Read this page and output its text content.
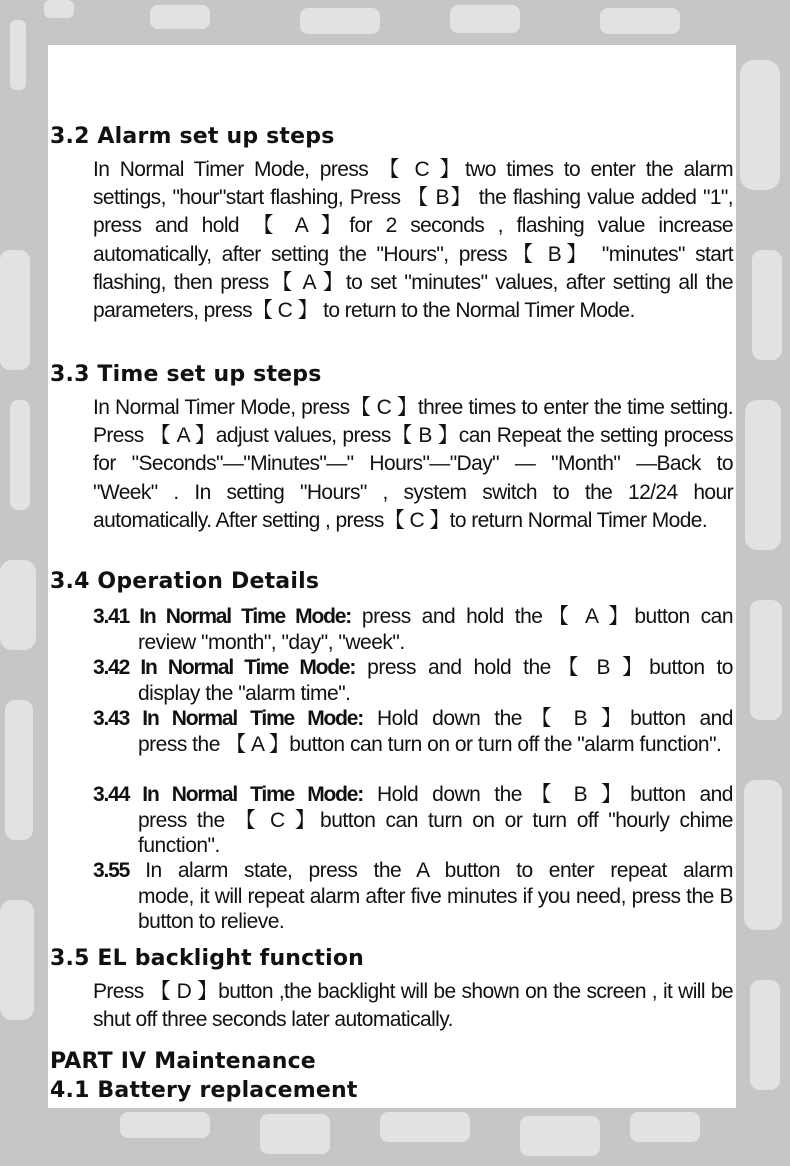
3.2 Alarm set up steps
In Normal Timer Mode, press 【 C 】two times to enter the alarm settings, "hour"start flashing, Press 【 B】 the flashing value added "1", press and hold 【 A 】for 2 seconds , flashing value increase automatically, after setting the "Hours", press【 B】 "minutes" start flashing, then press【 A 】to set "minutes" values, after setting all the parameters, press【 C 】 to return to the Normal Timer Mode.
3.3 Time set up steps
In Normal Timer Mode, press【 C 】three times to enter the time setting. Press 【 A 】adjust values, press【 B 】can Repeat the setting process for "Seconds"—"Minutes"—" Hours"—"Day" — "Month" —Back to "Week" . In setting "Hours" , system switch to the 12/24 hour automatically. After setting , press【 C 】to return Normal Timer Mode.
3.4 Operation Details
3.41 In Normal Time Mode: press and hold the【 A 】button can
review "month", "day", "week".
3.42 In Normal Time Mode: press and hold the【 B 】button to
display the "alarm time".
3.43 In Normal Time Mode: Hold down the【 B 】button and
press the 【 A 】button can turn on or turn off the "alarm function".
3.44 In Normal Time Mode: Hold down the【 B 】button and
press the 【 C 】button can turn on or turn off "hourly chime function".
3.55 In alarm state, press the A button to enter repeat alarm
mode, it will repeat alarm after five minutes if you need, press the B button to relieve.
3.5 EL backlight function
Press 【 D 】button ,the backlight will be shown on the screen , it will be shut off three seconds later automatically.
PART IV Maintenance
4.1 Battery replacement
